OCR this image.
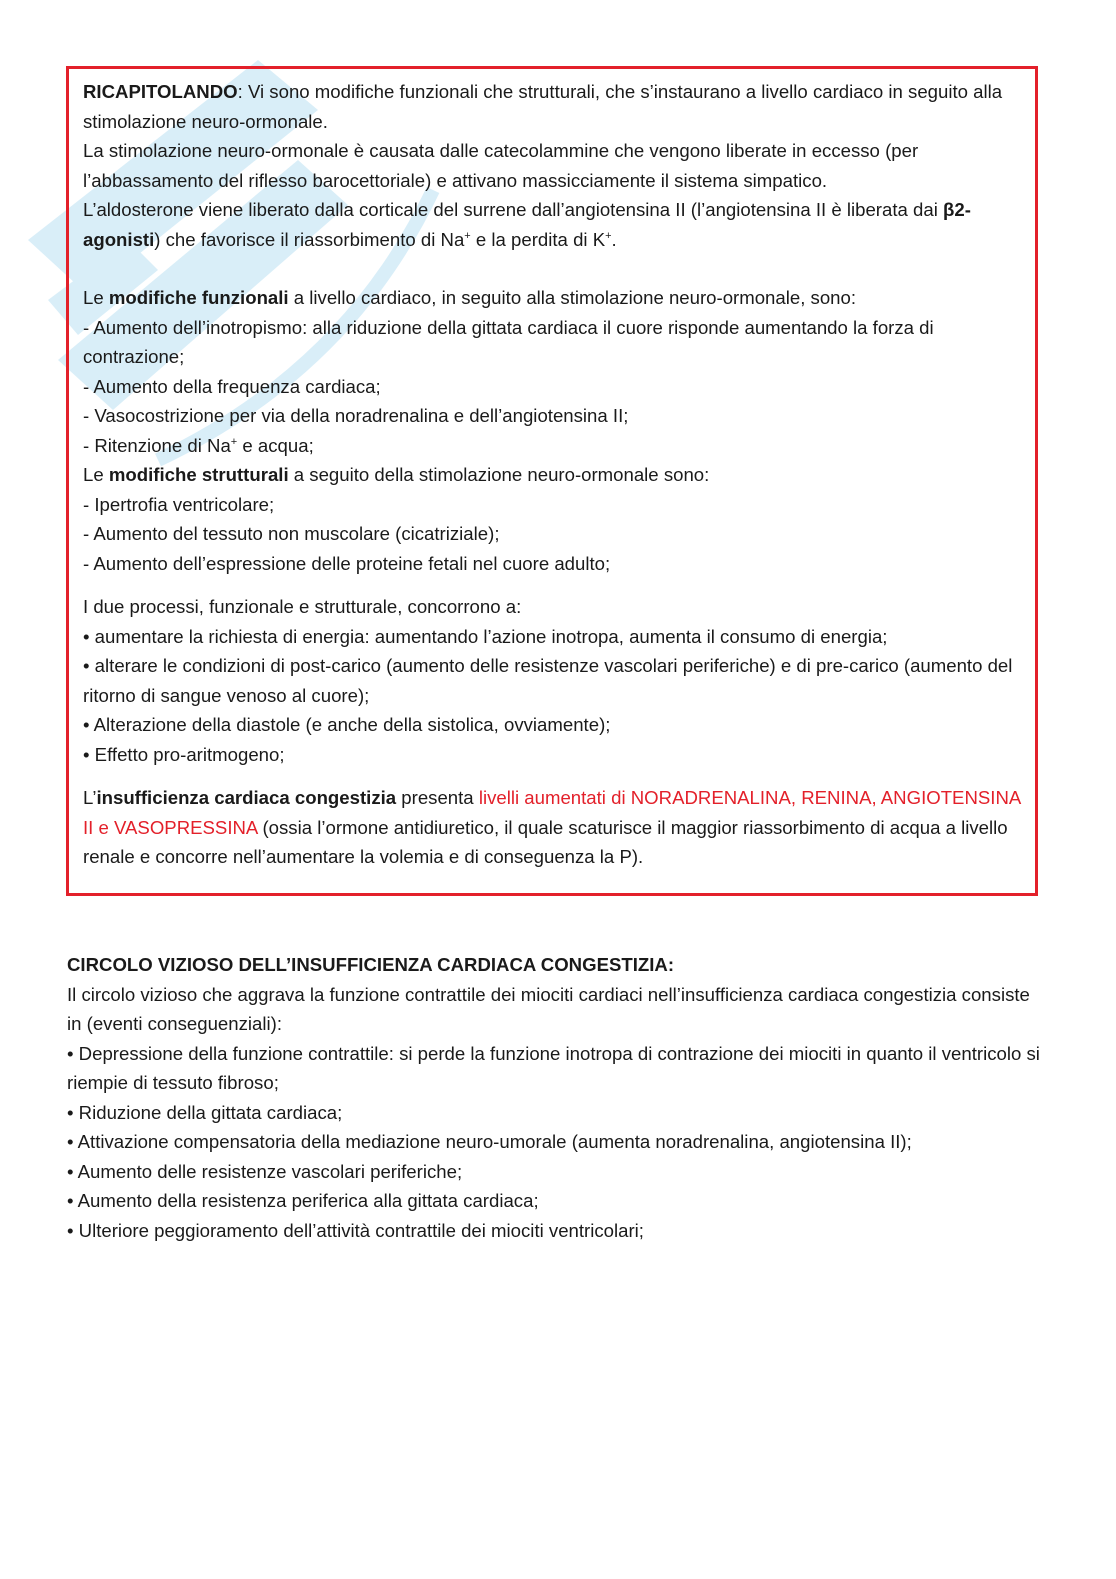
RICAPITOLANDO: Vi sono modifiche funzionali che strutturali, che s’instaurano a livello cardiaco in seguito alla stimolazione neuro-ormonale.

La stimolazione neuro-ormonale è causata dalle catecolammine che vengono liberate in eccesso (per l’abbassamento del riflesso barocettoriale) e attivano massicciamente il sistema simpatico.

L’aldosterone viene liberato dalla corticale del surrene dall’angiotensina II (l’angiotensina II è liberata dai β2-agonisti) che favorisce il riassorbimento di Na+ e la perdita di K+.

Le modifiche funzionali a livello cardiaco, in seguito alla stimolazione neuro-ormonale, sono:

- Aumento dell’inotropismo: alla riduzione della gittata cardiaca il cuore risponde aumentando la forza di contrazione;

- Aumento della frequenza cardiaca;

- Vasocostrizione per via della noradrenalina e dell’angiotensina II;

- Ritenzione di Na+ e acqua;

Le modifiche strutturali a seguito della stimolazione neuro-ormonale sono:

- Ipertrofia ventricolare;

- Aumento del tessuto non muscolare (cicatriziale);

- Aumento dell’espressione delle proteine fetali nel cuore adulto;

I due processi, funzionale e strutturale, concorrono a:

• aumentare la richiesta di energia: aumentando l’azione inotropa, aumenta il consumo di energia;

• alterare le condizioni di post-carico (aumento delle resistenze vascolari periferiche) e di pre-carico (aumento del ritorno di sangue venoso al cuore);

• Alterazione della diastole (e anche della sistolica, ovviamente);

• Effetto pro-aritmogeno;

L’insufficienza cardiaca congestizia presenta livelli aumentati di NORADRENALINA, RENINA, ANGIOTENSINA II e VASOPRESSINA (ossia l’ormone antidiuretico, il quale scaturisce il maggior riassorbimento di acqua a livello renale e concorre nell’aumentare la volemia e di conseguenza la P).

CIRCOLO VIZIOSO DELL’INSUFFICIENZA CARDIACA CONGESTIZIA:

Il circolo vizioso che aggrava la funzione contrattile dei miociti cardiaci nell’insufficienza cardiaca congestizia consiste in (eventi conseguenziali):

• Depressione della funzione contrattile: si perde la funzione inotropa di contrazione dei miociti in quanto il ventricolo si riempie di tessuto fibroso;

• Riduzione della gittata cardiaca;

• Attivazione compensatoria della mediazione neuro-umorale (aumenta noradrenalina, angiotensina II);

• Aumento delle resistenze vascolari periferiche;

• Aumento della resistenza periferica alla gittata cardiaca;

• Ulteriore peggioramento dell’attività contrattile dei miociti ventricolari;
